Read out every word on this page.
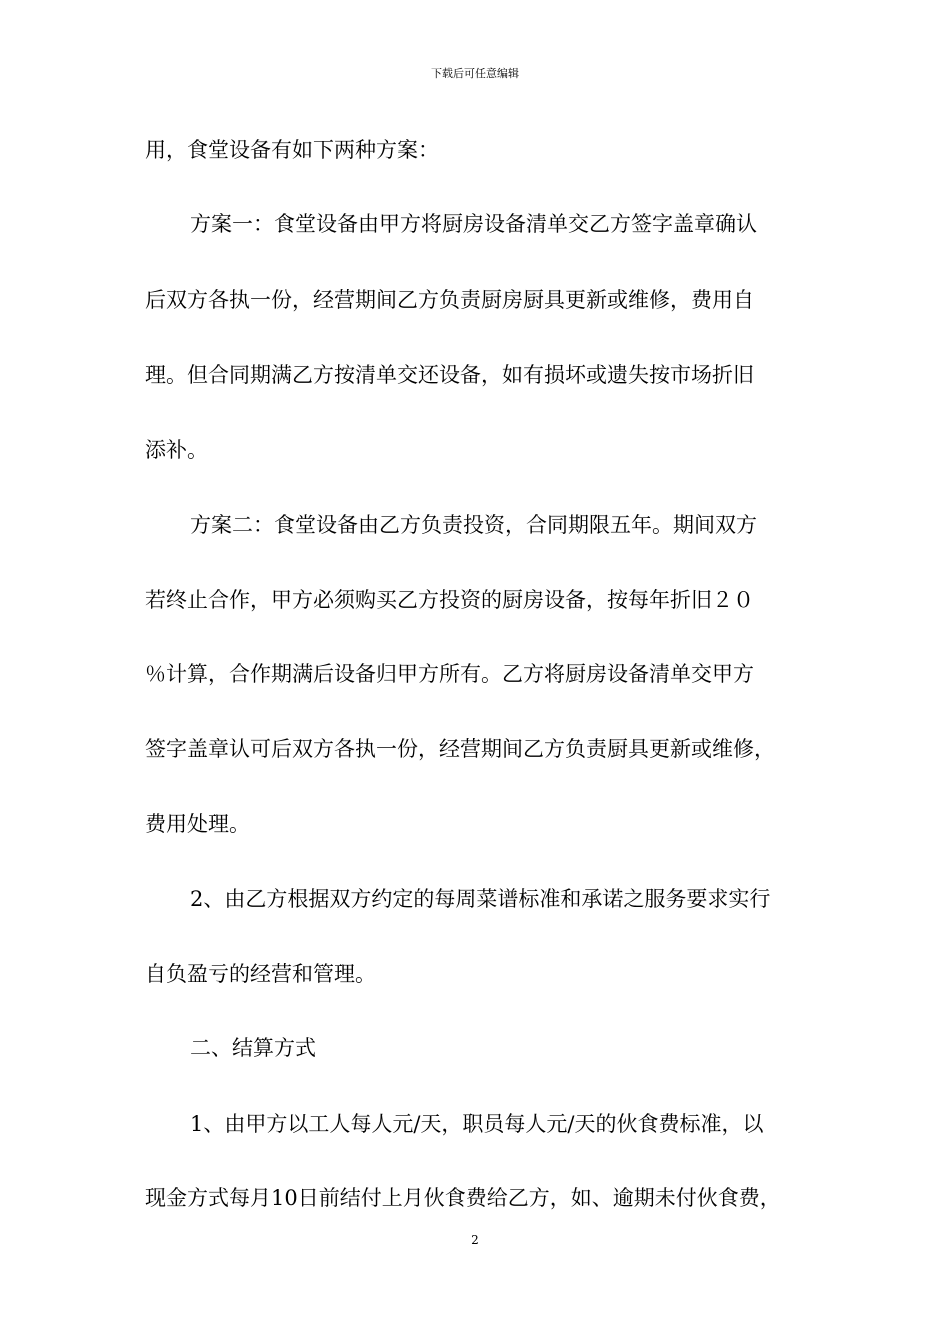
下载后可任意编辑
用，食堂设备有如下两种方案：
方案一：食堂设备由甲方将厨房设备清单交乙方签字盖章确认
后双方各执一份，经营期间乙方负责厨房厨具更新或维修，费用自
理。但合同期满乙方按清单交还设备，如有损坏或遗失按市场折旧
添补。
方案二：食堂设备由乙方负责投资，合同期限五年。期间双方
若终止合作，甲方必须购买乙方投资的厨房设备，按每年折旧２０
％计算，合作期满后设备归甲方所有。乙方将厨房设备清单交甲方
签字盖章认可后双方各执一份，经营期间乙方负责厨具更新或维修，
费用处理。
2、由乙方根据双方约定的每周菜谱标准和承诺之服务要求实行
自负盈亏的经营和管理。
二、结算方式
1、由甲方以工人每人元/天，职员每人元/天的伙食费标准，以
现金方式每月10日前结付上月伙食费给乙方，如、逾期未付伙食费，
2
